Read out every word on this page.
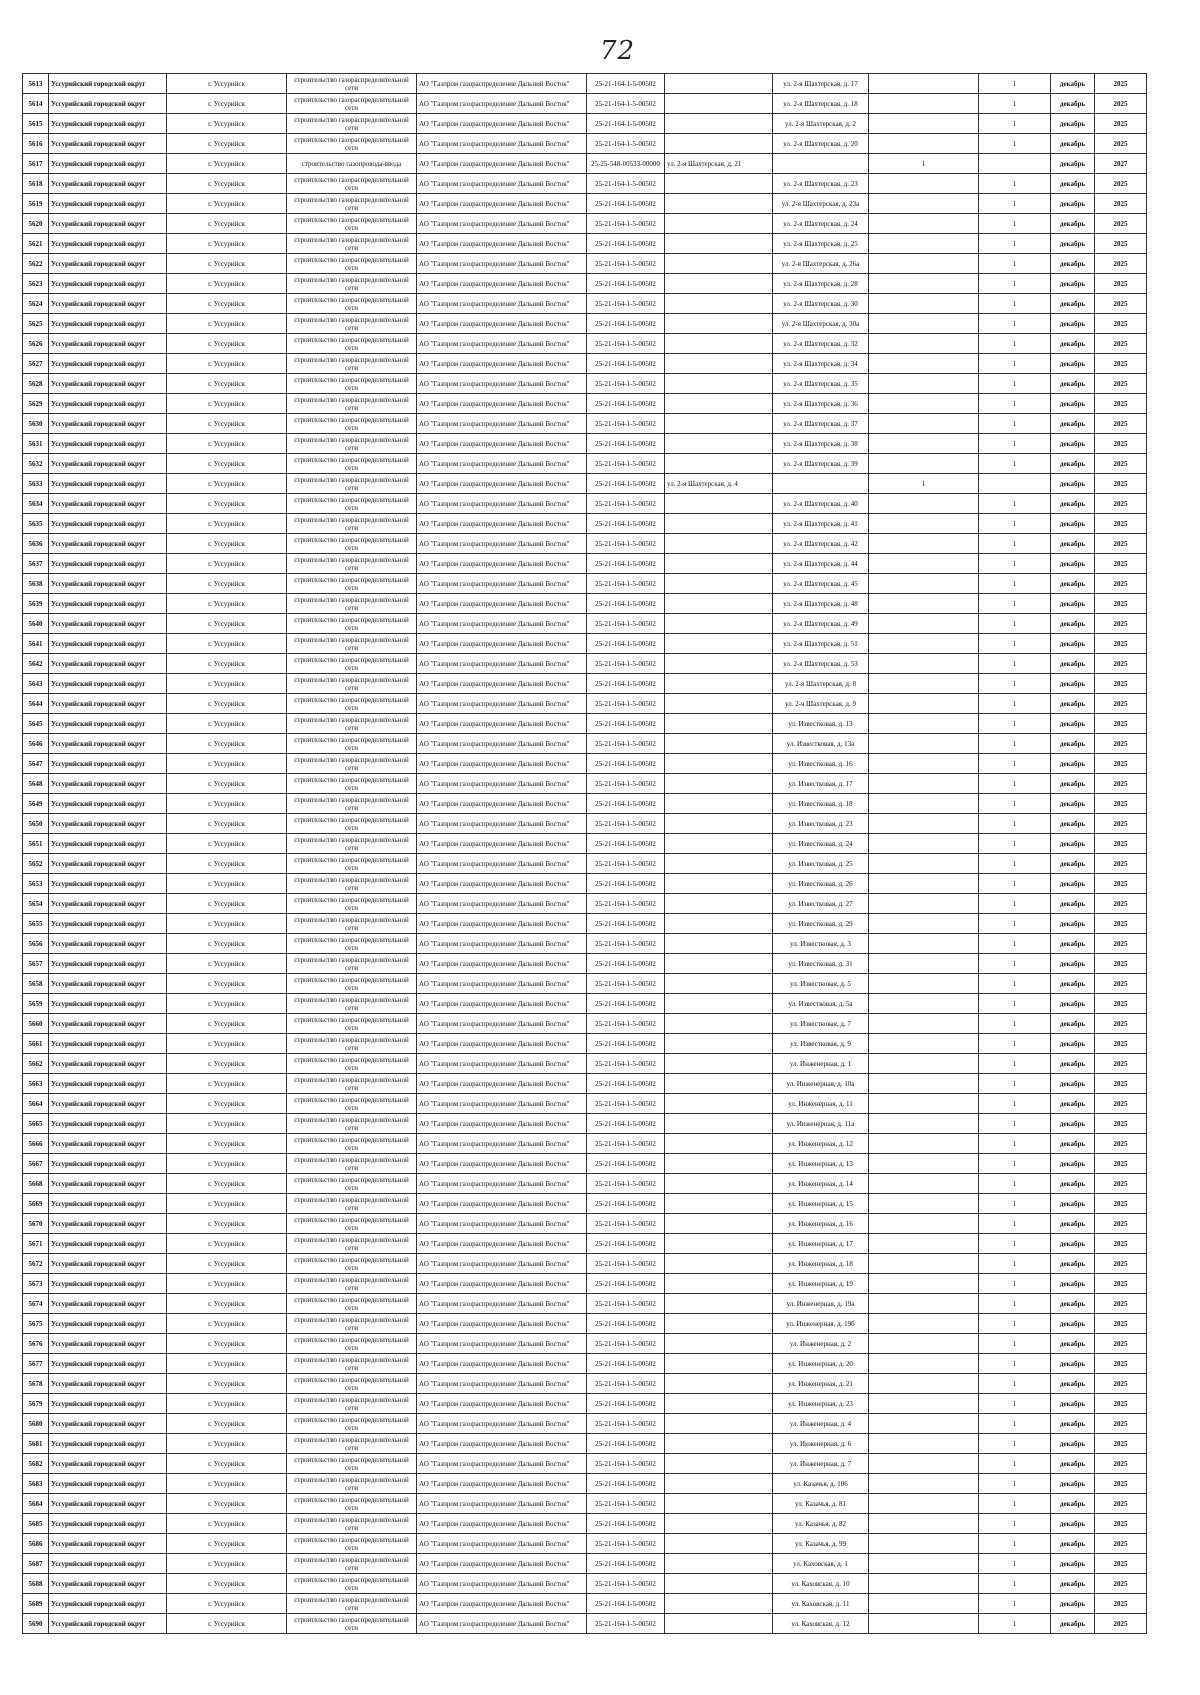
72
5613	Уссурийский городской округ	г. Уссурийск	строительство газораспределительной сети	АО "Газпром газораспределение Дальний Восток"	25-21-164-1-5-00502		ул. 2-я Шахтерская, д. 17		1	декабрь	2025
5614	Уссурийский городской округ	г. Уссурийск	строительство газораспределительной сети	АО "Газпром газораспределение Дальний Восток"	25-21-164-1-5-00502		ул. 2-я Шахтерская, д. 18		1	декабрь	2025
5615	Уссурийский городской округ	г. Уссурийск	строительство газораспределительной сети	АО "Газпром газораспределение Дальний Восток"	25-21-164-1-5-00502		ул. 2-я Шахтерская, д. 2		1	декабрь	2025
5616	Уссурийский городской округ	г. Уссурийск	строительство газораспределительной сети	АО "Газпром газораспределение Дальний Восток"	25-21-164-1-5-00502		ул. 2-я Шахтерская, д. 20		1	декабрь	2025
5617	Уссурийский городской округ	г. Уссурийск	строительство газопровода-ввода	АО "Газпром газораспределение Дальний Восток"	25-25-548-00533-00000	ул. 2-я Шахтерская, д. 21		1		декабрь	2027
5618	Уссурийский городской округ	г. Уссурийск	строительство газораспределительной сети	АО "Газпром газораспределение Дальний Восток"	25-21-164-1-5-00502		ул. 2-я Шахтерская, д. 23		1	декабрь	2025
5619	Уссурийский городской округ	г. Уссурийск	строительство газораспределительной сети	АО "Газпром газораспределение Дальний Восток"	25-21-164-1-5-00502		ул. 2-я Шахтерская, д. 23а		1	декабрь	2025
5620	Уссурийский городской округ	г. Уссурийск	строительство газораспределительной сети	АО "Газпром газораспределение Дальний Восток"	25-21-164-1-5-00502		ул. 2-я Шахтерская, д. 24		1	декабрь	2025
5621	Уссурийский городской округ	г. Уссурийск	строительство газораспределительной сети	АО "Газпром газораспределение Дальний Восток"	25-21-164-1-5-00502		ул. 2-я Шахтерская, д. 25		1	декабрь	2025
5622	Уссурийский городской округ	г. Уссурийск	строительство газораспределительной сети	АО "Газпром газораспределение Дальний Восток"	25-21-164-1-5-00502		ул. 2-я Шахтерская, д. 26а		1	декабрь	2025
5623	Уссурийский городской округ	г. Уссурийск	строительство газораспределительной сети	АО "Газпром газораспределение Дальний Восток"	25-21-164-1-5-00502		ул. 2-я Шахтерская, д. 28		1	декабрь	2025
5624	Уссурийский городской округ	г. Уссурийск	строительство газораспределительной сети	АО "Газпром газораспределение Дальний Восток"	25-21-164-1-5-00502		ул. 2-я Шахтерская, д. 30		1	декабрь	2025
5625	Уссурийский городской округ	г. Уссурийск	строительство газораспределительной сети	АО "Газпром газораспределение Дальний Восток"	25-21-164-1-5-00502		ул. 2-я Шахтерская, д. 30а		1	декабрь	2025
5626	Уссурийский городской округ	г. Уссурийск	строительство газораспределительной сети	АО "Газпром газораспределение Дальний Восток"	25-21-164-1-5-00502		ул. 2-я Шахтерская, д. 32		1	декабрь	2025
5627	Уссурийский городской округ	г. Уссурийск	строительство газораспределительной сети	АО "Газпром газораспределение Дальний Восток"	25-21-164-1-5-00502		ул. 2-я Шахтерская, д. 34		1	декабрь	2025
5628	Уссурийский городской округ	г. Уссурийск	строительство газораспределительной сети	АО "Газпром газораспределение Дальний Восток"	25-21-164-1-5-00502		ул. 2-я Шахтерская, д. 35		1	декабрь	2025
5629	Уссурийский городской округ	г. Уссурийск	строительство газораспределительной сети	АО "Газпром газораспределение Дальний Восток"	25-21-164-1-5-00502		ул. 2-я Шахтерская, д. 36		1	декабрь	2025
5630	Уссурийский городской округ	г. Уссурийск	строительство газораспределительной сети	АО "Газпром газораспределение Дальний Восток"	25-21-164-1-5-00502		ул. 2-я Шахтерская, д. 37		1	декабрь	2025
5631	Уссурийский городской округ	г. Уссурийск	строительство газораспределительной сети	АО "Газпром газораспределение Дальний Восток"	25-21-164-1-5-00502		ул. 2-я Шахтерская, д. 38		1	декабрь	2025
5632	Уссурийский городской округ	г. Уссурийск	строительство газораспределительной сети	АО "Газпром газораспределение Дальний Восток"	25-21-164-1-5-00502		ул. 2-я Шахтерская, д. 39		1	декабрь	2025
5633	Уссурийский городской округ	г. Уссурийск	строительство газораспределительной сети	АО "Газпром газораспределение Дальний Восток"	25-21-164-1-5-00502	ул. 2-я Шахтерская, д. 4		1		декабрь	2025
5634	Уссурийский городской округ	г. Уссурийск	строительство газораспределительной сети	АО "Газпром газораспределение Дальний Восток"	25-21-164-1-5-00502		ул. 2-я Шахтерская, д. 40		1	декабрь	2025
5635	Уссурийский городской округ	г. Уссурийск	строительство газораспределительной сети	АО "Газпром газораспределение Дальний Восток"	25-21-164-1-5-00502		ул. 2-я Шахтерская, д. 41		1	декабрь	2025
5636	Уссурийский городской округ	г. Уссурийск	строительство газораспределительной сети	АО "Газпром газораспределение Дальний Восток"	25-21-164-1-5-00502		ул. 2-я Шахтерская, д. 42		1	декабрь	2025
5637	Уссурийский городской округ	г. Уссурийск	строительство газораспределительной сети	АО "Газпром газораспределение Дальний Восток"	25-21-164-1-5-00502		ул. 2-я Шахтерская, д. 44		1	декабрь	2025
5638	Уссурийский городской округ	г. Уссурийск	строительство газораспределительной сети	АО "Газпром газораспределение Дальний Восток"	25-21-164-1-5-00502		ул. 2-я Шахтерская, д. 45		1	декабрь	2025
5639	Уссурийский городской округ	г. Уссурийск	строительство газораспределительной сети	АО "Газпром газораспределение Дальний Восток"	25-21-164-1-5-00502		ул. 2-я Шахтерская, д. 48		1	декабрь	2025
5640	Уссурийский городской округ	г. Уссурийск	строительство газораспределительной сети	АО "Газпром газораспределение Дальний Восток"	25-21-164-1-5-00502		ул. 2-я Шахтерская, д. 49		1	декабрь	2025
5641	Уссурийский городской округ	г. Уссурийск	строительство газораспределительной сети	АО "Газпром газораспределение Дальний Восток"	25-21-164-1-5-00502		ул. 2-я Шахтерская, д. 51		1	декабрь	2025
5642	Уссурийский городской округ	г. Уссурийск	строительство газораспределительной сети	АО "Газпром газораспределение Дальний Восток"	25-21-164-1-5-00502		ул. 2-я Шахтерская, д. 53		1	декабрь	2025
5643	Уссурийский городской округ	г. Уссурийск	строительство газораспределительной сети	АО "Газпром газораспределение Дальний Восток"	25-21-164-1-5-00502		ул. 2-я Шахтерская, д. 8		1	декабрь	2025
5644	Уссурийский городской округ	г. Уссурийск	строительство газораспределительной сети	АО "Газпром газораспределение Дальний Восток"	25-21-164-1-5-00502		ул. 2-я Шахтерская, д. 9		1	декабрь	2025
5645	Уссурийский городской округ	г. Уссурийск	строительство газораспределительной сети	АО "Газпром газораспределение Дальний Восток"	25-21-164-1-5-00502		ул. Известковая, д. 13		1	декабрь	2025
5646	Уссурийский городской округ	г. Уссурийск	строительство газораспределительной сети	АО "Газпром газораспределение Дальний Восток"	25-21-164-1-5-00502		ул. Известковая, д. 13а		1	декабрь	2025
5647	Уссурийский городской округ	г. Уссурийск	строительство газораспределительной сети	АО "Газпром газораспределение Дальний Восток"	25-21-164-1-5-00502		ул. Известковая, д. 16		1	декабрь	2025
5648	Уссурийский городской округ	г. Уссурийск	строительство газораспределительной сети	АО "Газпром газораспределение Дальний Восток"	25-21-164-1-5-00502		ул. Известковая, д. 17		1	декабрь	2025
5649	Уссурийский городской округ	г. Уссурийск	строительство газораспределительной сети	АО "Газпром газораспределение Дальний Восток"	25-21-164-1-5-00502		ул. Известковая, д. 18		1	декабрь	2025
5650	Уссурийский городской округ	г. Уссурийск	строительство газораспределительной сети	АО "Газпром газораспределение Дальний Восток"	25-21-164-1-5-00502		ул. Известковая, д. 23		1	декабрь	2025
5651	Уссурийский городской округ	г. Уссурийск	строительство газораспределительной сети	АО "Газпром газораспределение Дальний Восток"	25-21-164-1-5-00502		ул. Известковая, д. 24		1	декабрь	2025
5652	Уссурийский городской округ	г. Уссурийск	строительство газораспределительной сети	АО "Газпром газораспределение Дальний Восток"	25-21-164-1-5-00502		ул. Известковая, д. 25		1	декабрь	2025
5653	Уссурийский городской округ	г. Уссурийск	строительство газораспределительной сети	АО "Газпром газораспределение Дальний Восток"	25-21-164-1-5-00502		ул. Известковая, д. 26		1	декабрь	2025
5654	Уссурийский городской округ	г. Уссурийск	строительство газораспределительной сети	АО "Газпром газораспределение Дальний Восток"	25-21-164-1-5-00502		ул. Известковая, д. 27		1	декабрь	2025
5655	Уссурийский городской округ	г. Уссурийск	строительство газораспределительной сети	АО "Газпром газораспределение Дальний Восток"	25-21-164-1-5-00502		ул. Известковая, д. 29		1	декабрь	2025
5656	Уссурийский городской округ	г. Уссурийск	строительство газораспределительной сети	АО "Газпром газораспределение Дальний Восток"	25-21-164-1-5-00502		ул. Известковая, д. 3		1	декабрь	2025
5657	Уссурийский городской округ	г. Уссурийск	строительство газораспределительной сети	АО "Газпром газораспределение Дальний Восток"	25-21-164-1-5-00502		ул. Известковая, д. 31		1	декабрь	2025
5658	Уссурийский городской округ	г. Уссурийск	строительство газораспределительной сети	АО "Газпром газораспределение Дальний Восток"	25-21-164-1-5-00502		ул. Известковая, д. 5		1	декабрь	2025
5659	Уссурийский городской округ	г. Уссурийск	строительство газораспределительной сети	АО "Газпром газораспределение Дальний Восток"	25-21-164-1-5-00502		ул. Известковая, д. 5а		1	декабрь	2025
5660	Уссурийский городской округ	г. Уссурийск	строительство газораспределительной сети	АО "Газпром газораспределение Дальний Восток"	25-21-164-1-5-00502		ул. Известковая, д. 7		1	декабрь	2025
5661	Уссурийский городской округ	г. Уссурийск	строительство газораспределительной сети	АО "Газпром газораспределение Дальний Восток"	25-21-164-1-5-00502		ул. Известковая, д. 9		1	декабрь	2025
5662	Уссурийский городской округ	г. Уссурийск	строительство газораспределительной сети	АО "Газпром газораспределение Дальний Восток"	25-21-164-1-5-00502		ул. Инженерная, д. 1		1	декабрь	2025
5663	Уссурийский городской округ	г. Уссурийск	строительство газораспределительной сети	АО "Газпром газораспределение Дальний Восток"	25-21-164-1-5-00502		ул. Инженерная, д. 10а		1	декабрь	2025
5664	Уссурийский городской округ	г. Уссурийск	строительство газораспределительной сети	АО "Газпром газораспределение Дальний Восток"	25-21-164-1-5-00502		ул. Инженерная, д. 11		1	декабрь	2025
5665	Уссурийский городской округ	г. Уссурийск	строительство газораспределительной сети	АО "Газпром газораспределение Дальний Восток"	25-21-164-1-5-00502		ул. Инженерная, д. 11а		1	декабрь	2025
5666	Уссурийский городской округ	г. Уссурийск	строительство газораспределительной сети	АО "Газпром газораспределение Дальний Восток"	25-21-164-1-5-00502		ул. Инженерная, д. 12		1	декабрь	2025
5667	Уссурийский городской округ	г. Уссурийск	строительство газораспределительной сети	АО "Газпром газораспределение Дальний Восток"	25-21-164-1-5-00502		ул. Инженерная, д. 13		1	декабрь	2025
5668	Уссурийский городской округ	г. Уссурийск	строительство газораспределительной сети	АО "Газпром газораспределение Дальний Восток"	25-21-164-1-5-00502		ул. Инженерная, д. 14		1	декабрь	2025
5669	Уссурийский городской округ	г. Уссурийск	строительство газораспределительной сети	АО "Газпром газораспределение Дальний Восток"	25-21-164-1-5-00502		ул. Инженерная, д. 15		1	декабрь	2025
5670	Уссурийский городской округ	г. Уссурийск	строительство газораспределительной сети	АО "Газпром газораспределение Дальний Восток"	25-21-164-1-5-00502		ул. Инженерная, д. 16		1	декабрь	2025
5671	Уссурийский городской округ	г. Уссурийск	строительство газораспределительной сети	АО "Газпром газораспределение Дальний Восток"	25-21-164-1-5-00502		ул. Инженерная, д. 17		1	декабрь	2025
5672	Уссурийский городской округ	г. Уссурийск	строительство газораспределительной сети	АО "Газпром газораспределение Дальний Восток"	25-21-164-1-5-00502		ул. Инженерная, д. 18		1	декабрь	2025
5673	Уссурийский городской округ	г. Уссурийск	строительство газораспределительной сети	АО "Газпром газораспределение Дальний Восток"	25-21-164-1-5-00502		ул. Инженерная, д. 19		1	декабрь	2025
5674	Уссурийский городской округ	г. Уссурийск	строительство газораспределительной сети	АО "Газпром газораспределение Дальний Восток"	25-21-164-1-5-00502		ул. Инженерная, д. 19а		1	декабрь	2025
5675	Уссурийский городской округ	г. Уссурийск	строительство газораспределительной сети	АО "Газпром газораспределение Дальний Восток"	25-21-164-1-5-00502		ул. Инженерная, д. 19б		1	декабрь	2025
5676	Уссурийский городской округ	г. Уссурийск	строительство газораспределительной сети	АО "Газпром газораспределение Дальний Восток"	25-21-164-1-5-00502		ул. Инженерная, д. 2		1	декабрь	2025
5677	Уссурийский городской округ	г. Уссурийск	строительство газораспределительной сети	АО "Газпром газораспределение Дальний Восток"	25-21-164-1-5-00502		ул. Инженерная, д. 20		1	декабрь	2025
5678	Уссурийский городской округ	г. Уссурийск	строительство газораспределительной сети	АО "Газпром газораспределение Дальний Восток"	25-21-164-1-5-00502		ул. Инженерная, д. 21		1	декабрь	2025
5679	Уссурийский городской округ	г. Уссурийск	строительство газораспределительной сети	АО "Газпром газораспределение Дальний Восток"	25-21-164-1-5-00502		ул. Инженерная, д. 23		1	декабрь	2025
5680	Уссурийский городской округ	г. Уссурийск	строительство газораспределительной сети	АО "Газпром газораспределение Дальний Восток"	25-21-164-1-5-00502		ул. Инженерная, д. 4		1	декабрь	2025
5681	Уссурийский городской округ	г. Уссурийск	строительство газораспределительной сети	АО "Газпром газораспределение Дальний Восток"	25-21-164-1-5-00502		ул. Инженерная, д. 6		1	декабрь	2025
5682	Уссурийский городской округ	г. Уссурийск	строительство газораспределительной сети	АО "Газпром газораспределение Дальний Восток"	25-21-164-1-5-00502		ул. Инженерная, д. 7		1	декабрь	2025
5683	Уссурийский городской округ	г. Уссурийск	строительство газораспределительной сети	АО "Газпром газораспределение Дальний Восток"	25-21-164-1-5-00502		ул. Казачья, д. 106		1	декабрь	2025
5684	Уссурийский городской округ	г. Уссурийск	строительство газораспределительной сети	АО "Газпром газораспределение Дальний Восток"	25-21-164-1-5-00502		ул. Казачья, д. 81		1	декабрь	2025
5685	Уссурийский городской округ	г. Уссурийск	строительство газораспределительной сети	АО "Газпром газораспределение Дальний Восток"	25-21-164-1-5-00502		ул. Казачья, д. 82		1	декабрь	2025
5686	Уссурийский городской округ	г. Уссурийск	строительство газораспределительной сети	АО "Газпром газораспределение Дальний Восток"	25-21-164-1-5-00502		ул. Казачья, д. 99		1	декабрь	2025
5687	Уссурийский городской округ	г. Уссурийск	строительство газораспределительной сети	АО "Газпром газораспределение Дальний Восток"	25-21-164-1-5-00502		ул. Каховская, д. 1		1	декабрь	2025
5688	Уссурийский городской округ	г. Уссурийск	строительство газораспределительной сети	АО "Газпром газораспределение Дальний Восток"	25-21-164-1-5-00502		ул. Каховская, д. 10		1	декабрь	2025
5689	Уссурийский городской округ	г. Уссурийск	строительство газораспределительной сети	АО "Газпром газораспределение Дальний Восток"	25-21-164-1-5-00502		ул. Каховская, д. 11		1	декабрь	2025
5690	Уссурийский городской округ	г. Уссурийск	строительство газораспределительной сети	АО "Газпром газораспределение Дальний Восток"	25-21-164-1-5-00502		ул. Каховская, д. 12		1	декабрь	2025
